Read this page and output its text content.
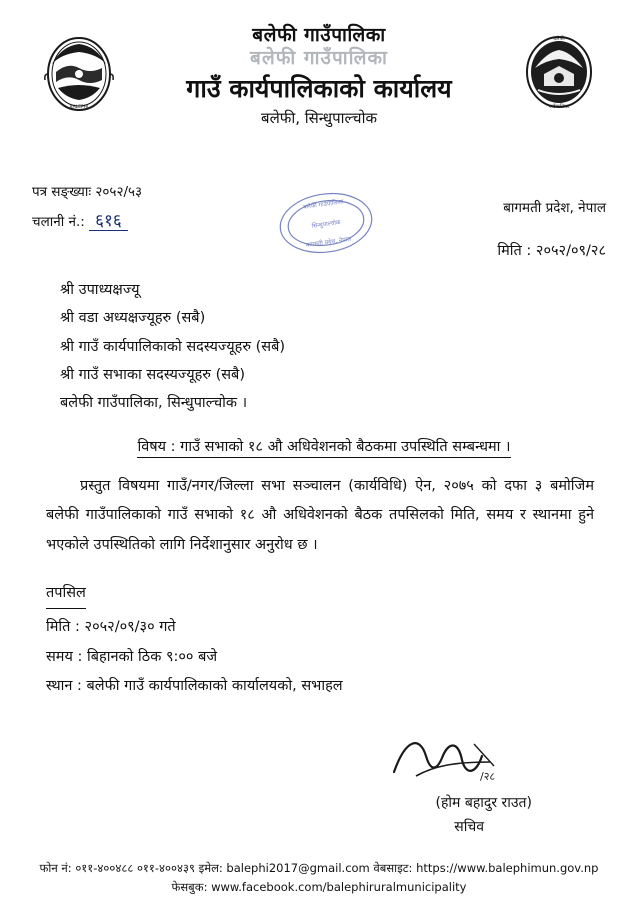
BALEPHI
बलेफी
गाउँपालिका
बलेफी गाउँपालिका
बलेफी गाउँपालिका
गाउँ कार्यपालिकाको कार्यालय
बलेफी, सिन्धुपाल्चोक
पत्र सङ्ख्याः २०५२/५३
चलानी नं.: ६१६
बलेफी गाउँपालिका
सिन्धुपाल्चोक
बागमती प्रदेश, नेपाल
बागमती प्रदेश, नेपाल
मिति : २०५२/०९/२८
श्री उपाध्यक्षज्यू
श्री वडा अध्यक्षज्यूहरु (सबै)
श्री गाउँ कार्यपालिकाको सदस्यज्यूहरु (सबै)
श्री गाउँ सभाका सदस्यज्यूहरु (सबै)
बलेफी गाउँपालिका, सिन्धुपाल्चोक ।
विषय : गाउँ सभाको १८ औ अधिवेशनको बैठकमा उपस्थिति सम्बन्धमा ।
प्रस्तुत विषयमा गाउँ/नगर/जिल्ला सभा सञ्चालन (कार्यविधि) ऐन, २०७५ को दफा ३ बमोजिम बलेफी गाउँपालिकाको गाउँ सभाको १८ औ अधिवेशनको बैठक तपसिलको मिति, समय र स्थानमा हुने भएकोले उपस्थितिको लागि निर्देशानुसार अनुरोध छ ।
तपसिल
मिति : २०५२/०९/३० गते
समय : बिहानको ठिक ९:०० बजे
स्थान : बलेफी गाउँ कार्यपालिकाको कार्यालयको, सभाहल
/२८
(होम बहादुर राउत)
सचिव
फोन नं: ०११-४००४८८ ०११-४००४३९ इमेल: balephi2017@gmail.com वेबसाइट: https://www.balephimun.gov.np
फेसबुक: www.facebook.com/balephiruralmunicipality
